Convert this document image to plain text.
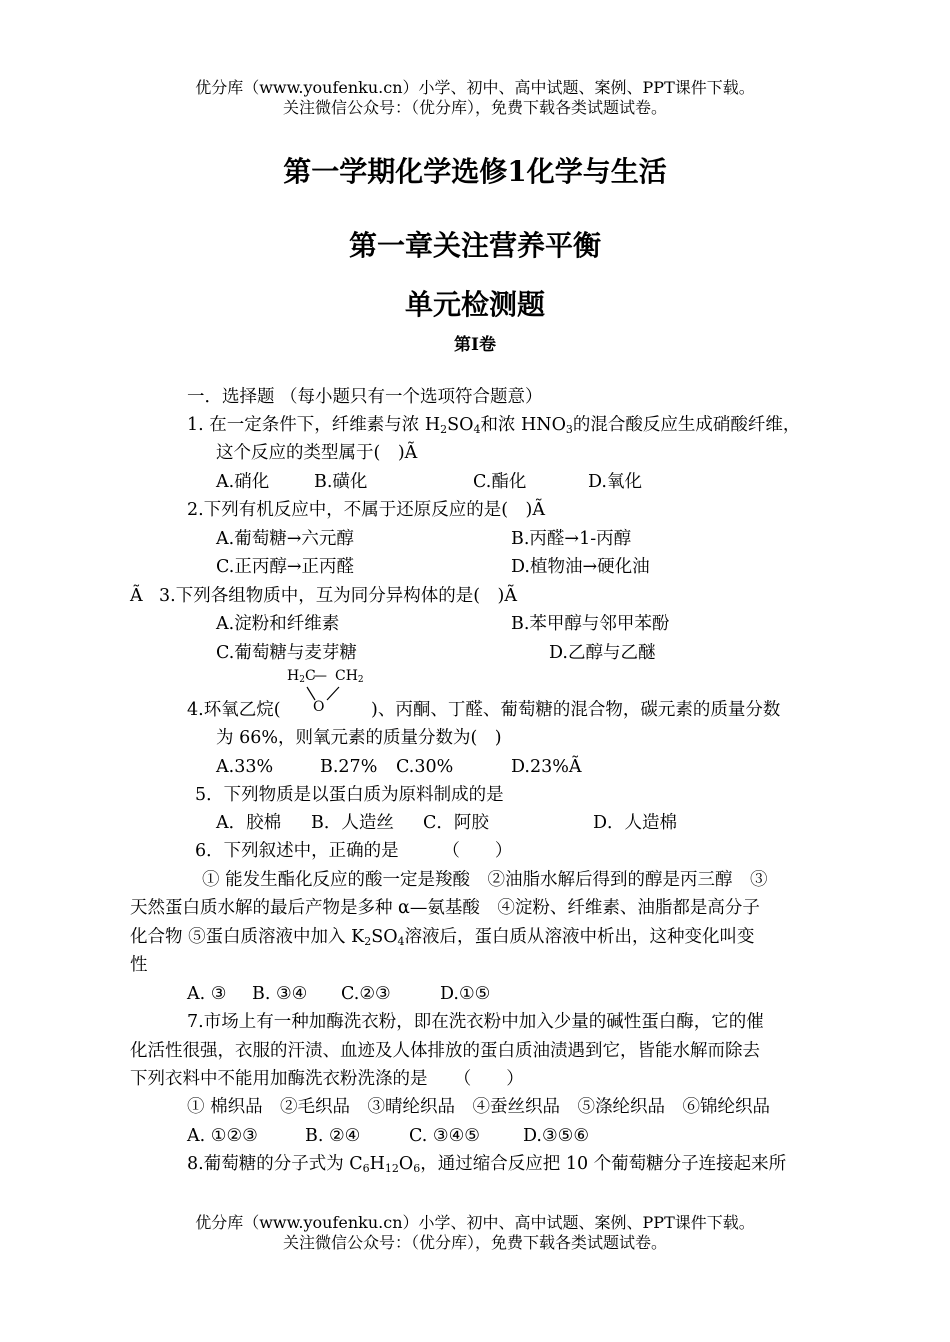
优分库（www.youfenku.cn）小学、初中、高中试题、案例、PPT课件下载。
关注微信公众号：（优分库），免费下载各类试题试卷。
第一学期化学选修1化学与生活
第一章关注营养平衡
单元检测题
第Ⅰ卷
一．选择题 （每小题只有一个选项符合题意）
1. 在一定条件下，纤维素与浓 $H_2SO_4$和浓 $HNO_3$的混合酸反应生成硝酸纤维，
这个反应的类型属于(　)Ã
A.硝化	B.磺化	C.酯化	D.氧化
2.下列有机反应中，不属于还原反应的是(　)Ã
A.葡萄糖→六元醇	B.丙醛→1-丙醇
C.正丙醇→正丙醛	D.植物油→硬化油
Ã 3.下列各组物质中，互为同分异构体的是(　)Ã
A.淀粉和纤维素	B.苯甲醇与邻甲苯酚
C.葡萄糖与麦芽糖	D.乙醇与乙醚
$H_2C$
— $CH_2$
O
4.环氧乙烷(	)、丙酮、丁醛、葡萄糖的混合物，碳元素的质量分数
为 66%，则氧元素的质量分数为(　)
A.33%	B.27% C.30%	D.23%Ã
5．下列物质是以蛋白质为原料制成的是
A．胶棉 B．人造丝 C．阿胶	D．人造棉
6．下列叙述中，正确的是　　　（　　）
① 能发生酯化反应的酸一定是羧酸　②油脂水解后得到的醇是丙三醇　③
天然蛋白质水解的最后产物是多种 α—氨基酸　④淀粉、纤维素、油脂都是高分子
化合物 ⑤蛋白质溶液中加入 $K_2SO_4$溶液后，蛋白质从溶液中析出，这种变化叫变
性
A. ③ B. ③④ C.②③	D.①⑤
7.市场上有一种加酶洗衣粉，即在洗衣粉中加入少量的碱性蛋白酶，它的催
化活性很强，衣服的汗渍、血迹及人体排放的蛋白质油渍遇到它，皆能水解而除去
下列衣料中不能用加酶洗衣粉洗涤的是　　（　　）
① 棉织品　②毛织品　③晴纶织品　④蚕丝织品　⑤涤纶织品　⑥锦纶织品
A. ①②③	B. ②④	C. ③④⑤ D.③⑤⑥
8.葡萄糖的分子式为 $C_6H_{12}O_6$，通过缩合反应把 10 个葡萄糖分子连接起来所
优分库（www.youfenku.cn）小学、初中、高中试题、案例、PPT课件下载。
关注微信公众号：（优分库），免费下载各类试题试卷。
